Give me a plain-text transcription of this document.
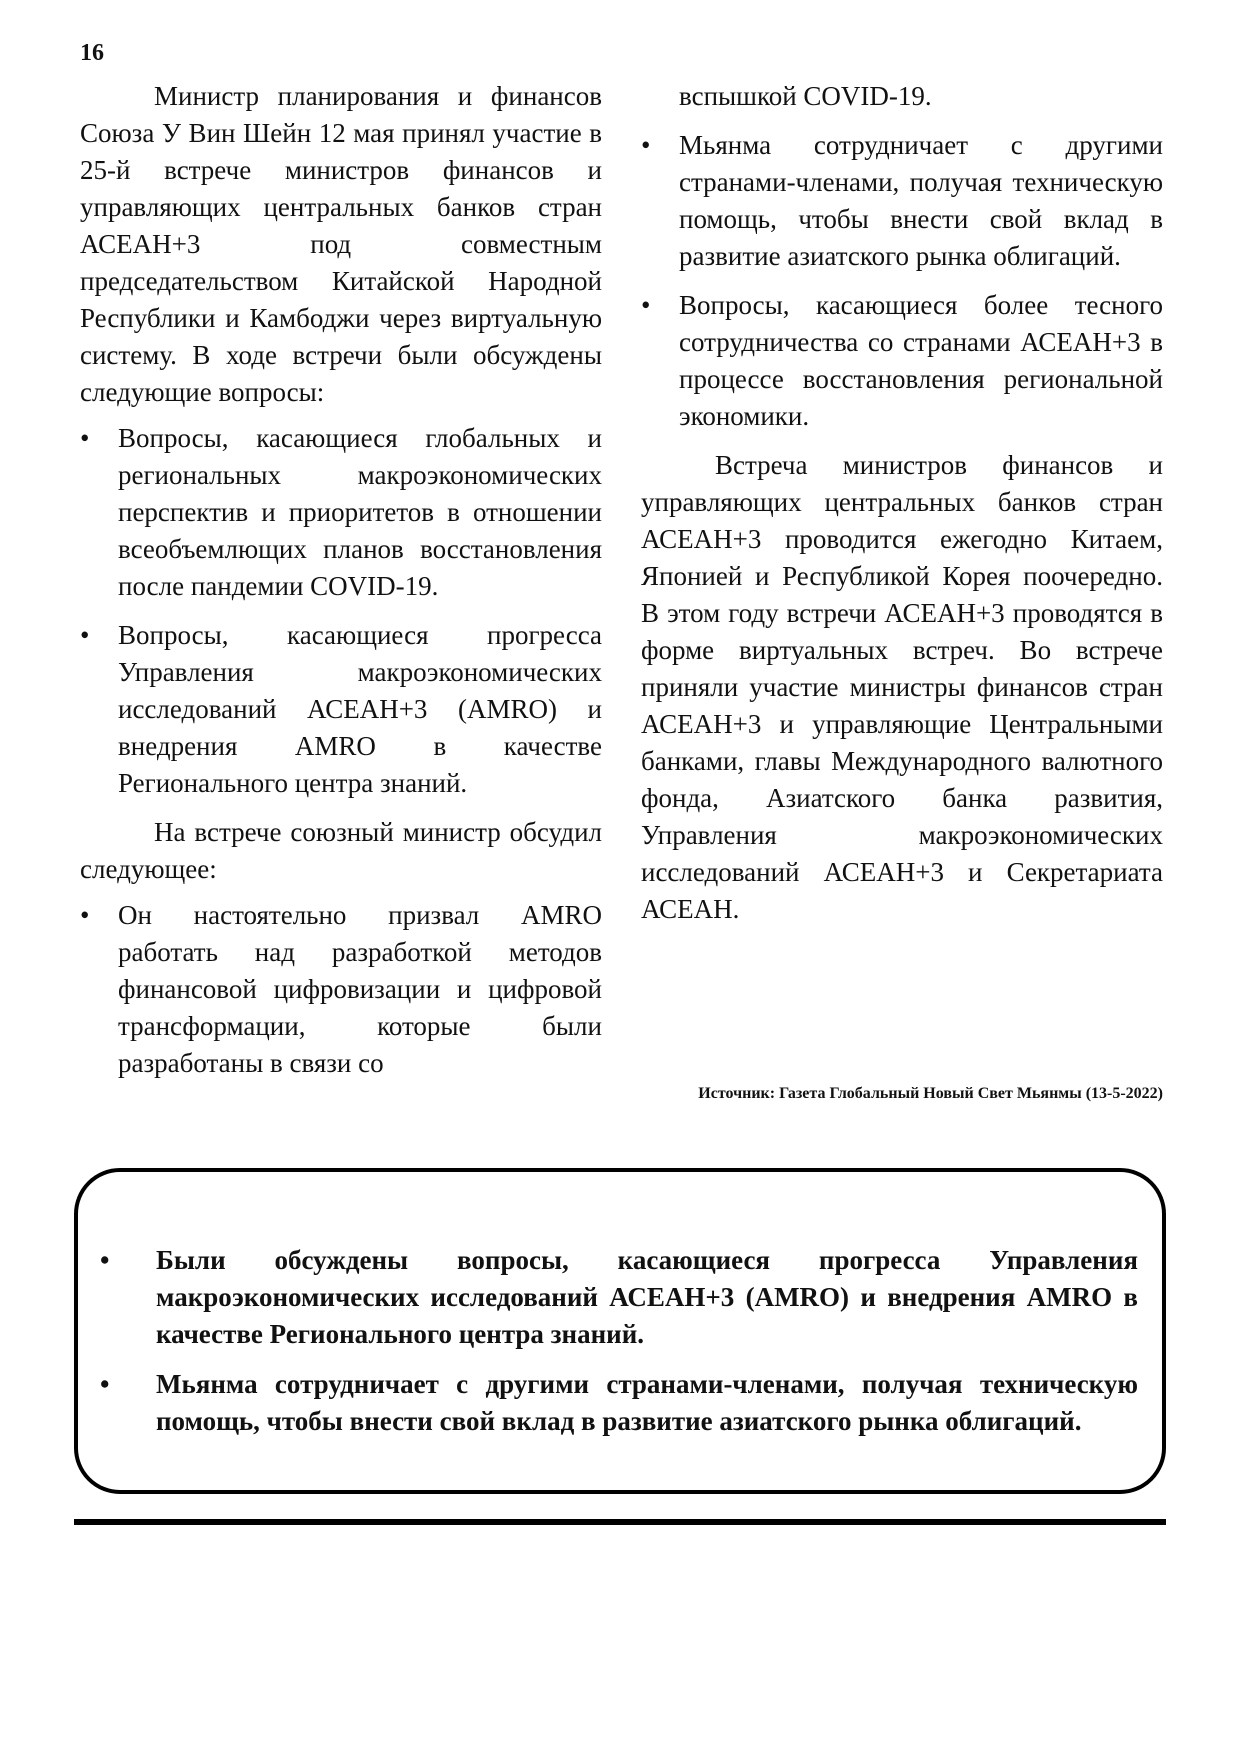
16

Министр планирования и финансов Союза У Вин Шейн 12 мая принял участие в 25-й встрече министров финансов и управляющих центральных банков стран АСЕАН+3 под совместным председательством Китайской Народной Республики и Камбоджи через виртуальную систему. В ходе встречи были обсуждены следующие вопросы:

• Вопросы, касающиеся глобальных и региональных макроэкономических перспектив и приоритетов в отношении всеобъемлющих планов восстановления после пандемии COVID-19.
• Вопросы, касающиеся прогресса Управления макроэкономических исследований АСЕАН+3 (AMRO) и внедрения AMRO в качестве Регионального центра знаний.

На встрече союзный министр обсудил следующее:

• Он настоятельно призвал AMRO работать над разработкой методов финансовой цифровизации и цифровой трансформации, которые были разработаны в связи со

вспышкой COVID-19.

• Мьянма сотрудничает с другими странами-членами, получая техническую помощь, чтобы внести свой вклад в развитие азиатского рынка облигаций.
• Вопросы, касающиеся более тесного сотрудничества со странами АСЕАН+3 в процессе восстановления региональной экономики.

Встреча министров финансов и управляющих центральных банков стран АСЕАН+3 проводится ежегодно Китаем, Японией и Республикой Корея поочередно. В этом году встречи АСЕАН+3 проводятся в форме виртуальных встреч. Во встрече приняли участие министры финансов стран АСЕАН+3 и управляющие Центральными банками, главы Международного валютного фонда, Азиатского банка развития, Управления макроэкономических исследований АСЕАН+3 и Секретариата АСЕАН.

Источник: Газета Глобальный Новый Свет Мьянмы (13-5-2022)
• Были обсуждены вопросы, касающиеся прогресса Управления макроэкономических исследований АСЕАН+3 (AMRO) и внедрения AMRO в качестве Регионального центра знаний.
• Мьянма сотрудничает с другими странами-членами, получая техническую помощь, чтобы внести свой вклад в развитие азиатского рынка облигаций.
